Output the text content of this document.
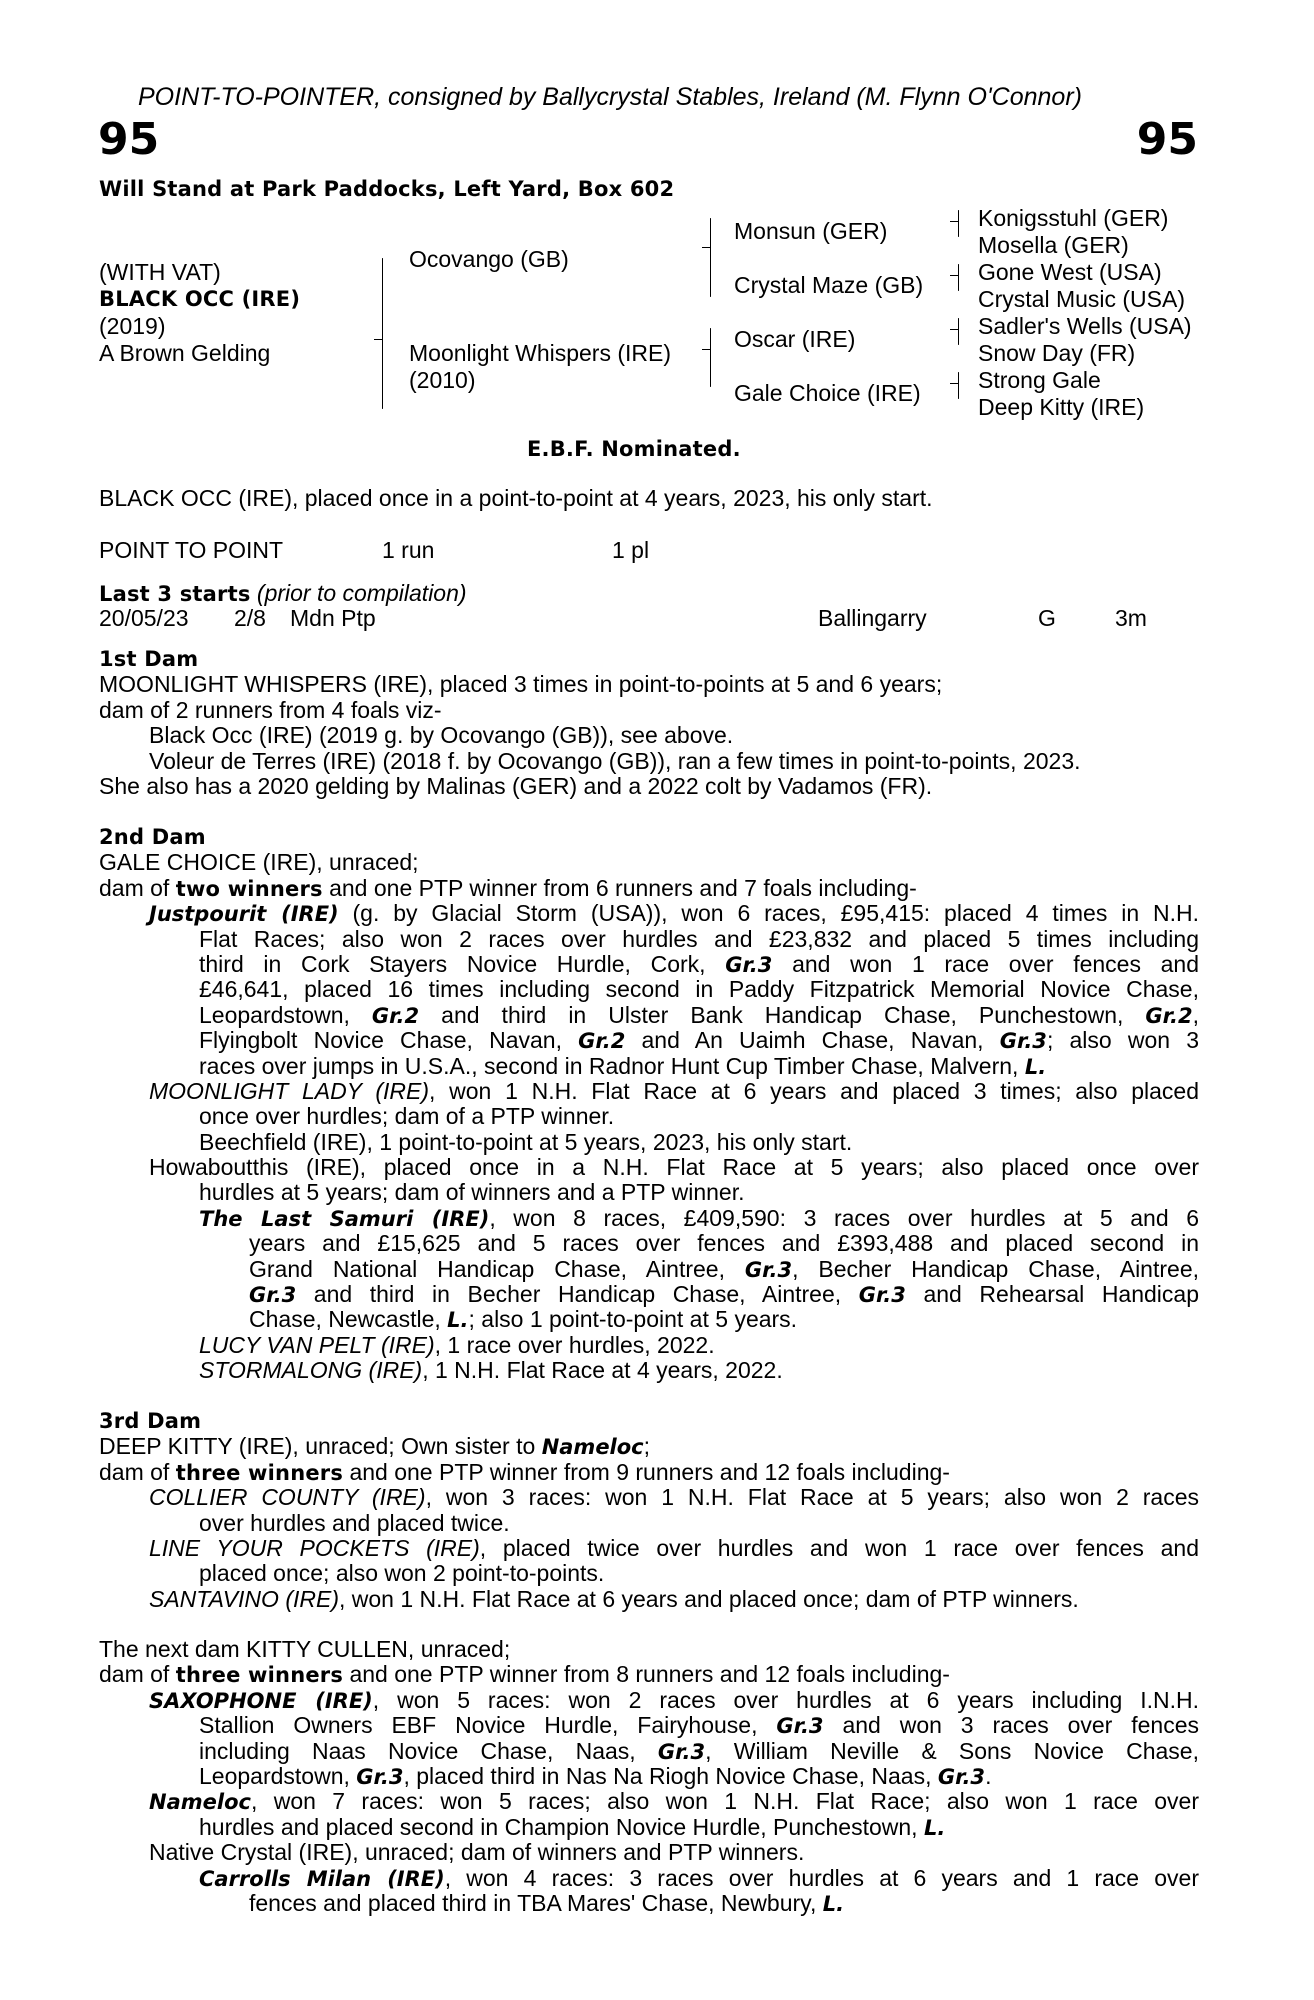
POINT-TO-POINTER, consigned by Ballycrystal Stables, Ireland (M. Flynn O'Connor)
95	95
Will Stand at Park Paddocks, Left Yard, Box 602
(WITH VAT)
BLACK OCC (IRE)
(2019)
A Brown Gelding
Ocovango (GB)
Moonlight Whispers (IRE)
(2010)
Monsun (GER)
Crystal Maze (GB)
Oscar (IRE)
Gale Choice (IRE)
Konigsstuhl (GER)
Mosella (GER)
Gone West (USA)
Crystal Music (USA)
Sadler's Wells (USA)
Snow Day (FR)
Strong Gale
Deep Kitty (IRE)
E.B.F. Nominated.
BLACK OCC (IRE), placed once in a point-to-point at 4 years, 2023, his only start.
POINT TO POINT	1 run	1 pl
Last 3 starts (prior to compilation)
20/05/23 2/8 Mdn Ptp	Ballingarry	G	3m
1st Dam
MOONLIGHT WHISPERS (IRE), placed 3 times in point-to-points at 5 and 6 years;
dam of 2 runners from 4 foals viz-
Black Occ (IRE) (2019 g. by Ocovango (GB)), see above.
Voleur de Terres (IRE) (2018 f. by Ocovango (GB)), ran a few times in point-to-points, 2023.
She also has a 2020 gelding by Malinas (GER) and a 2022 colt by Vadamos (FR).
2nd Dam
GALE CHOICE (IRE), unraced;
dam of two winners and one PTP winner from 6 runners and 7 foals including-
Justpourit (IRE) (g. by Glacial Storm (USA)), won 6 races, £95,415: placed 4 times in N.H.
Flat Races; also won 2 races over hurdles and £23,832 and placed 5 times including
third in Cork Stayers Novice Hurdle, Cork, Gr.3 and won 1 race over fences and
£46,641, placed 16 times including second in Paddy Fitzpatrick Memorial Novice Chase,
Leopardstown, Gr.2 and third in Ulster Bank Handicap Chase, Punchestown, Gr.2,
Flyingbolt Novice Chase, Navan, Gr.2 and An Uaimh Chase, Navan, Gr.3; also won 3
races over jumps in U.S.A., second in Radnor Hunt Cup Timber Chase, Malvern, L.
MOONLIGHT LADY (IRE), won 1 N.H. Flat Race at 6 years and placed 3 times; also placed
once over hurdles; dam of a PTP winner.
Beechfield (IRE), 1 point-to-point at 5 years, 2023, his only start.
Howaboutthis (IRE), placed once in a N.H. Flat Race at 5 years; also placed once over
hurdles at 5 years; dam of winners and a PTP winner.
The Last Samuri (IRE), won 8 races, £409,590: 3 races over hurdles at 5 and 6
years and £15,625 and 5 races over fences and £393,488 and placed second in
Grand National Handicap Chase, Aintree, Gr.3, Becher Handicap Chase, Aintree,
Gr.3 and third in Becher Handicap Chase, Aintree, Gr.3 and Rehearsal Handicap
Chase, Newcastle, L.; also 1 point-to-point at 5 years.
LUCY VAN PELT (IRE), 1 race over hurdles, 2022.
STORMALONG (IRE), 1 N.H. Flat Race at 4 years, 2022.
3rd Dam
DEEP KITTY (IRE), unraced; Own sister to Nameloc;
dam of three winners and one PTP winner from 9 runners and 12 foals including-
COLLIER COUNTY (IRE), won 3 races: won 1 N.H. Flat Race at 5 years; also won 2 races
over hurdles and placed twice.
LINE YOUR POCKETS (IRE), placed twice over hurdles and won 1 race over fences and
placed once; also won 2 point-to-points.
SANTAVINO (IRE), won 1 N.H. Flat Race at 6 years and placed once; dam of PTP winners.
The next dam KITTY CULLEN, unraced;
dam of three winners and one PTP winner from 8 runners and 12 foals including-
SAXOPHONE (IRE), won 5 races: won 2 races over hurdles at 6 years including I.N.H.
Stallion Owners EBF Novice Hurdle, Fairyhouse, Gr.3 and won 3 races over fences
including Naas Novice Chase, Naas, Gr.3, William Neville & Sons Novice Chase,
Leopardstown, Gr.3, placed third in Nas Na Riogh Novice Chase, Naas, Gr.3.
Nameloc, won 7 races: won 5 races; also won 1 N.H. Flat Race; also won 1 race over
hurdles and placed second in Champion Novice Hurdle, Punchestown, L.
Native Crystal (IRE), unraced; dam of winners and PTP winners.
Carrolls Milan (IRE), won 4 races: 3 races over hurdles at 6 years and 1 race over
fences and placed third in TBA Mares' Chase, Newbury, L.
